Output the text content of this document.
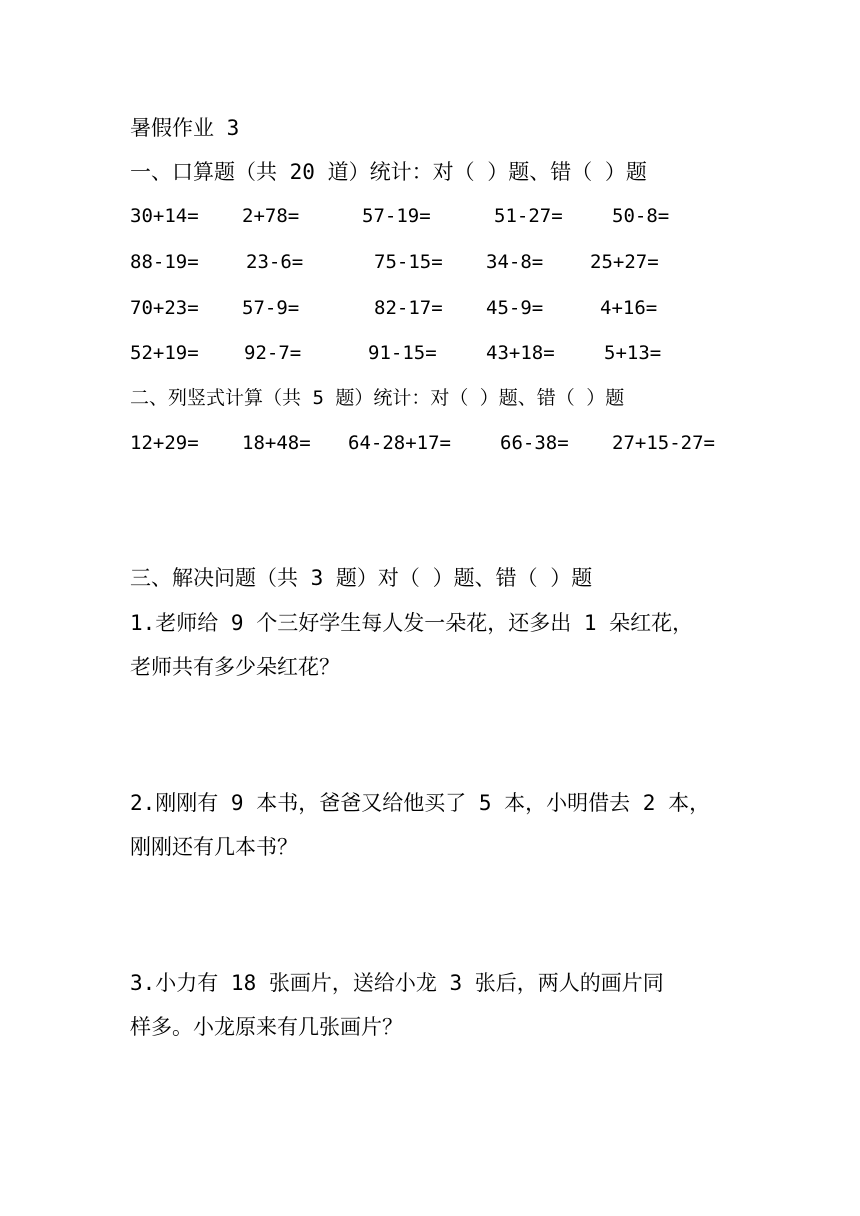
暑假作业 3
一、口算题（共 20 道）统计：对（ ）题、错（ ）题
30+14= 2+78=	57-19=	51-27=	50-8=
88-19= 23-6=	75-15= 34-8= 25+27=
70+23= 57-9=	82-17= 45-9=	4+16=
52+19= 92-7=	91-15=	43+18=	5+13=
二、列竖式计算（共 5 题）统计：对（ ）题、错（ ）题
12+29= 18+48= 64-28+17=	66-38= 27+15-27=
三、解决问题（共 3 题）对（ ）题、错（ ）题
1.老师给 9 个三好学生每人发一朵花，还多出 1 朵红花，
老师共有多少朵红花？
2.刚刚有 9 本书，爸爸又给他买了 5 本，小明借去 2 本，
刚刚还有几本书？
3.小力有 18 张画片，送给小龙 3 张后，两人的画片同
样多。小龙原来有几张画片？
